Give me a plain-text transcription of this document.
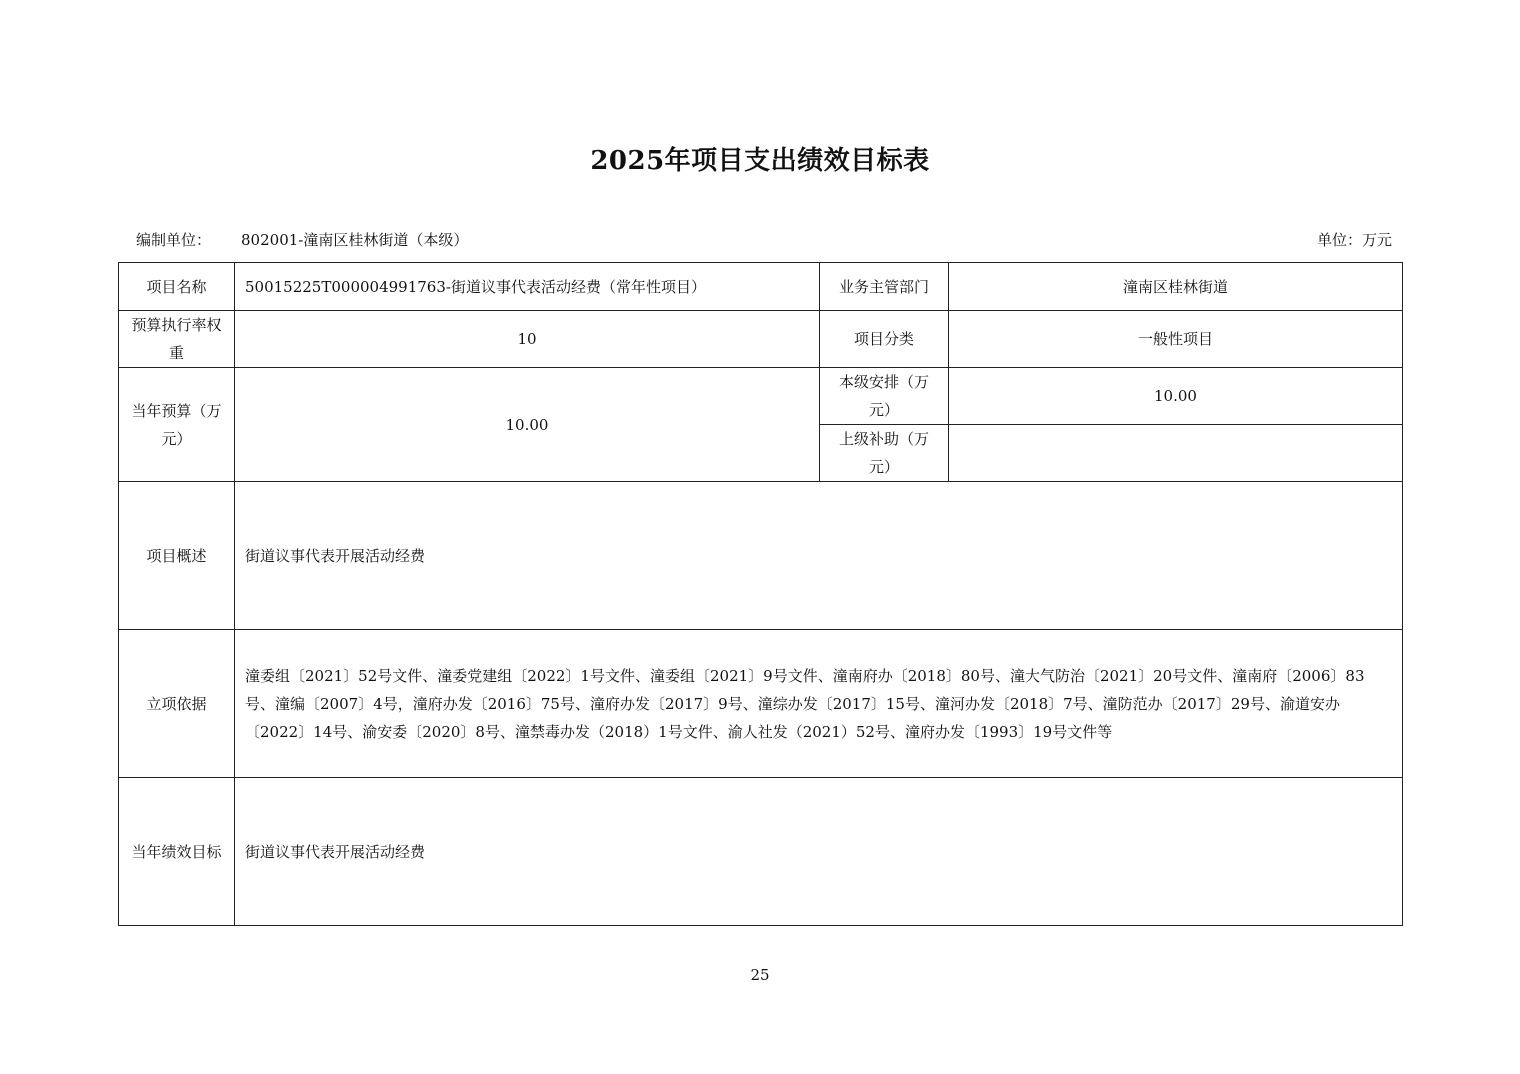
2025年项目支出绩效目标表
编制单位： 802001-潼南区桂林街道（本级）	单位：万元
项目名称	50015225T000004991763-街道议事代表活动经费（常年性项目）	业务主管部门	潼南区桂林街道
预算执行率权重	10	项目分类	一般性项目
当年预算（万元）	10.00	本级安排（万元）	10.00
		上级补助（万元）	
项目概述	街道议事代表开展活动经费		
立项依据	潼委组〔2021〕52号文件、潼委党建组〔2022〕1号文件、潼委组〔2021〕9号文件、潼南府办〔2018〕80号、潼大气防治〔2021〕20号文件、潼南府〔2006〕83号、潼编〔2007〕4号，潼府办发〔2016〕75号、潼府办发〔2017〕9号、潼综办发〔2017〕15号、潼河办发〔2018〕7号、潼防范办〔2017〕29号、渝道安办〔2022〕14号、渝安委〔2020〕8号、潼禁毒办发（2018）1号文件、渝人社发（2021）52号、潼府办发〔1993〕19号文件等		
当年绩效目标	街道议事代表开展活动经费		
25
